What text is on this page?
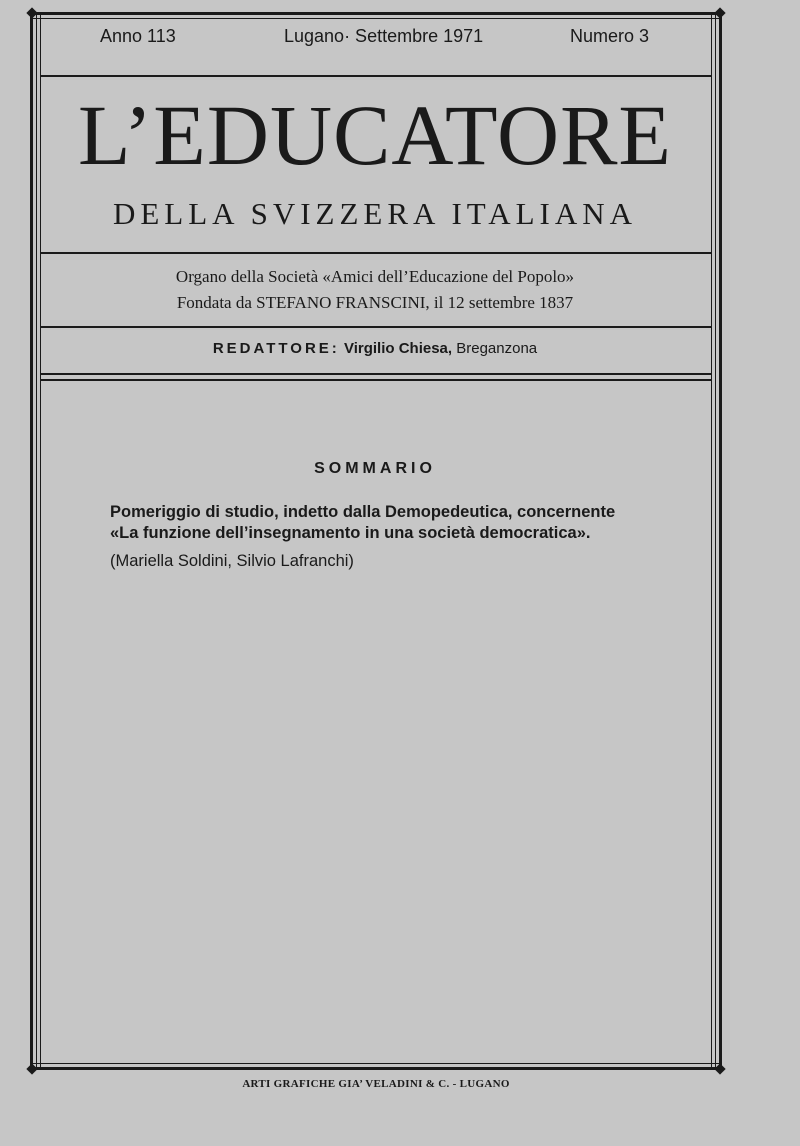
Anno 113	Lugano· Settembre 1971	Numero 3
L’EDUCATORE
DELLA SVIZZERA ITALIANA
Organo della Società «Amici dell’Educazione del Popolo»
Fondata da STEFANO FRANSCINI, il 12 settembre 1837
REDATTORE: Virgilio Chiesa, Breganzona
SOMMARIO
Pomeriggio di studio, indetto dalla Demopedeutica, concernente
«La funzione dell’insegnamento in una società democratica».
(Mariella Soldini, Silvio Lafranchi)
ARTI GRAFICHE GIA’ VELADINI & C. - LUGANO
